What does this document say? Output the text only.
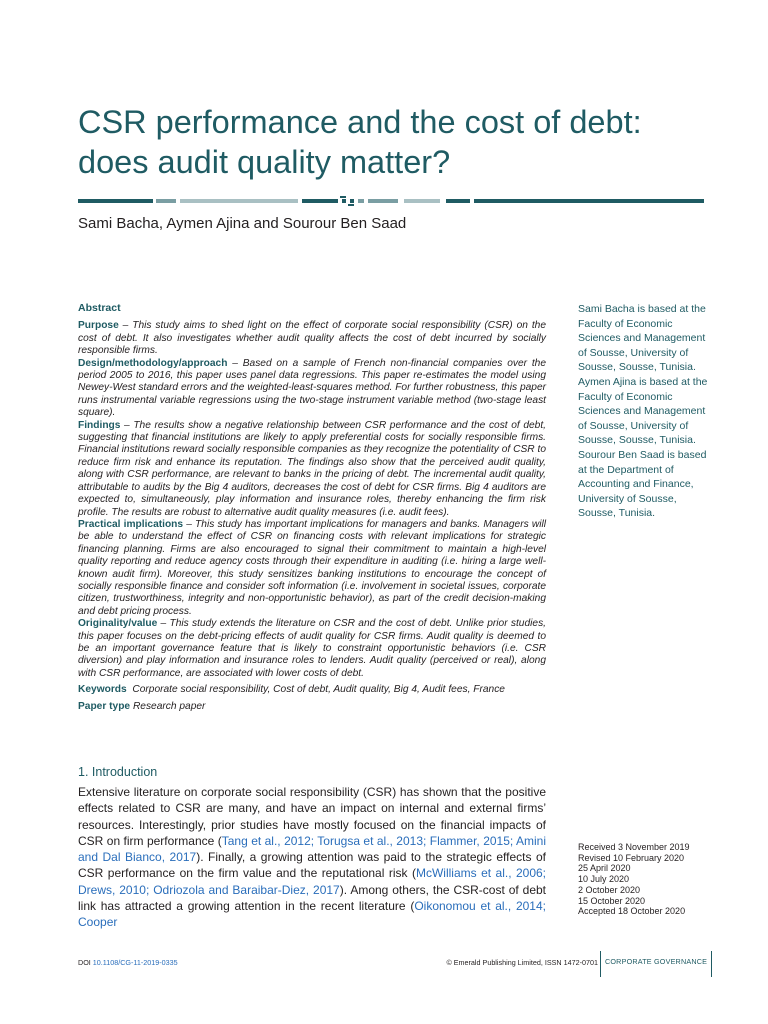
CSR performance and the cost of debt: does audit quality matter?
Sami Bacha, Aymen Ajina and Sourour Ben Saad

Abstract

Purpose – This study aims to shed light on the effect of corporate social responsibility (CSR) on the cost of debt. It also investigates whether audit quality affects the cost of debt incurred by socially responsible firms.

Design/methodology/approach – Based on a sample of French non-financial companies over the period 2005 to 2016, this paper uses panel data regressions. This paper re-estimates the model using Newey-West standard errors and the weighted-least-squares method. For further robustness, this paper runs instrumental variable regressions using the two-stage instrument variable method (two-stage least square).

Findings – The results show a negative relationship between CSR performance and the cost of debt, suggesting that financial institutions are likely to apply preferential costs for socially responsible firms. Financial institutions reward socially responsible companies as they recognize the potentiality of CSR to reduce firm risk and enhance its reputation. The findings also show that the perceived audit quality, along with CSR performance, are relevant to banks in the pricing of debt. The incremental audit quality, attributable to audits by the Big 4 auditors, decreases the cost of debt for CSR firms. Big 4 auditors are expected to, simultaneously, play information and insurance roles, thereby enhancing the firm risk profile. The results are robust to alternative audit quality measures (i.e. audit fees).

Practical implications – This study has important implications for managers and banks. Managers will be able to understand the effect of CSR on financing costs with relevant implications for strategic financing planning. Firms are also encouraged to signal their commitment to maintain a high-level quality reporting and reduce agency costs through their expenditure in auditing (i.e. hiring a large well-known audit firm). Moreover, this study sensitizes banking institutions to encourage the concept of socially responsible finance and consider soft information (i.e. involvement in societal issues, corporate citizen, trustworthiness, integrity and non-opportunistic behavior), as part of the credit decision-making and debt pricing process.

Originality/value – This study extends the literature on CSR and the cost of debt. Unlike prior studies, this paper focuses on the debt-pricing effects of audit quality for CSR firms. Audit quality is deemed to be an important governance feature that is likely to constraint opportunistic behaviors (i.e. CSR diversion) and play information and insurance roles to lenders. Audit quality (perceived or real), along with CSR performance, are associated with lower costs of debt.

Keywords Corporate social responsibility, Cost of debt, Audit quality, Big 4, Audit fees, France

Paper type Research paper

Sami Bacha is based at the Faculty of Economic Sciences and Management of Sousse, University of Sousse, Sousse, Tunisia.

Aymen Ajina is based at the Faculty of Economic Sciences and Management of Sousse, University of Sousse, Sousse, Tunisia.

Sourour Ben Saad is based at the Department of Accounting and Finance, University of Sousse, Sousse, Tunisia.

1. Introduction
Extensive literature on corporate social responsibility (CSR) has shown that the positive effects related to CSR are many, and have an impact on internal and external firms’ resources. Interestingly, prior studies have mostly focused on the financial impacts of CSR on firm performance (Tang et al., 2012; Torugsa et al., 2013; Flammer, 2015; Amini and Dal Bianco, 2017). Finally, a growing attention was paid to the strategic effects of CSR performance on the firm value and the reputational risk (McWilliams et al., 2006; Drews, 2010; Odriozola and Baraibar-Diez, 2017). Among others, the CSR-cost of debt link has attracted a growing attention in the recent literature (Oikonomou et al., 2014; Cooper
Received 3 November 2019
Revised 10 February 2020
25 April 2020
10 July 2020
2 October 2020
15 October 2020
Accepted 18 October 2020
DOI 10.1108/CG-11-2019-0335	© Emerald Publishing Limited, ISSN 1472-0701 CORPORATE GOVERNANCE
